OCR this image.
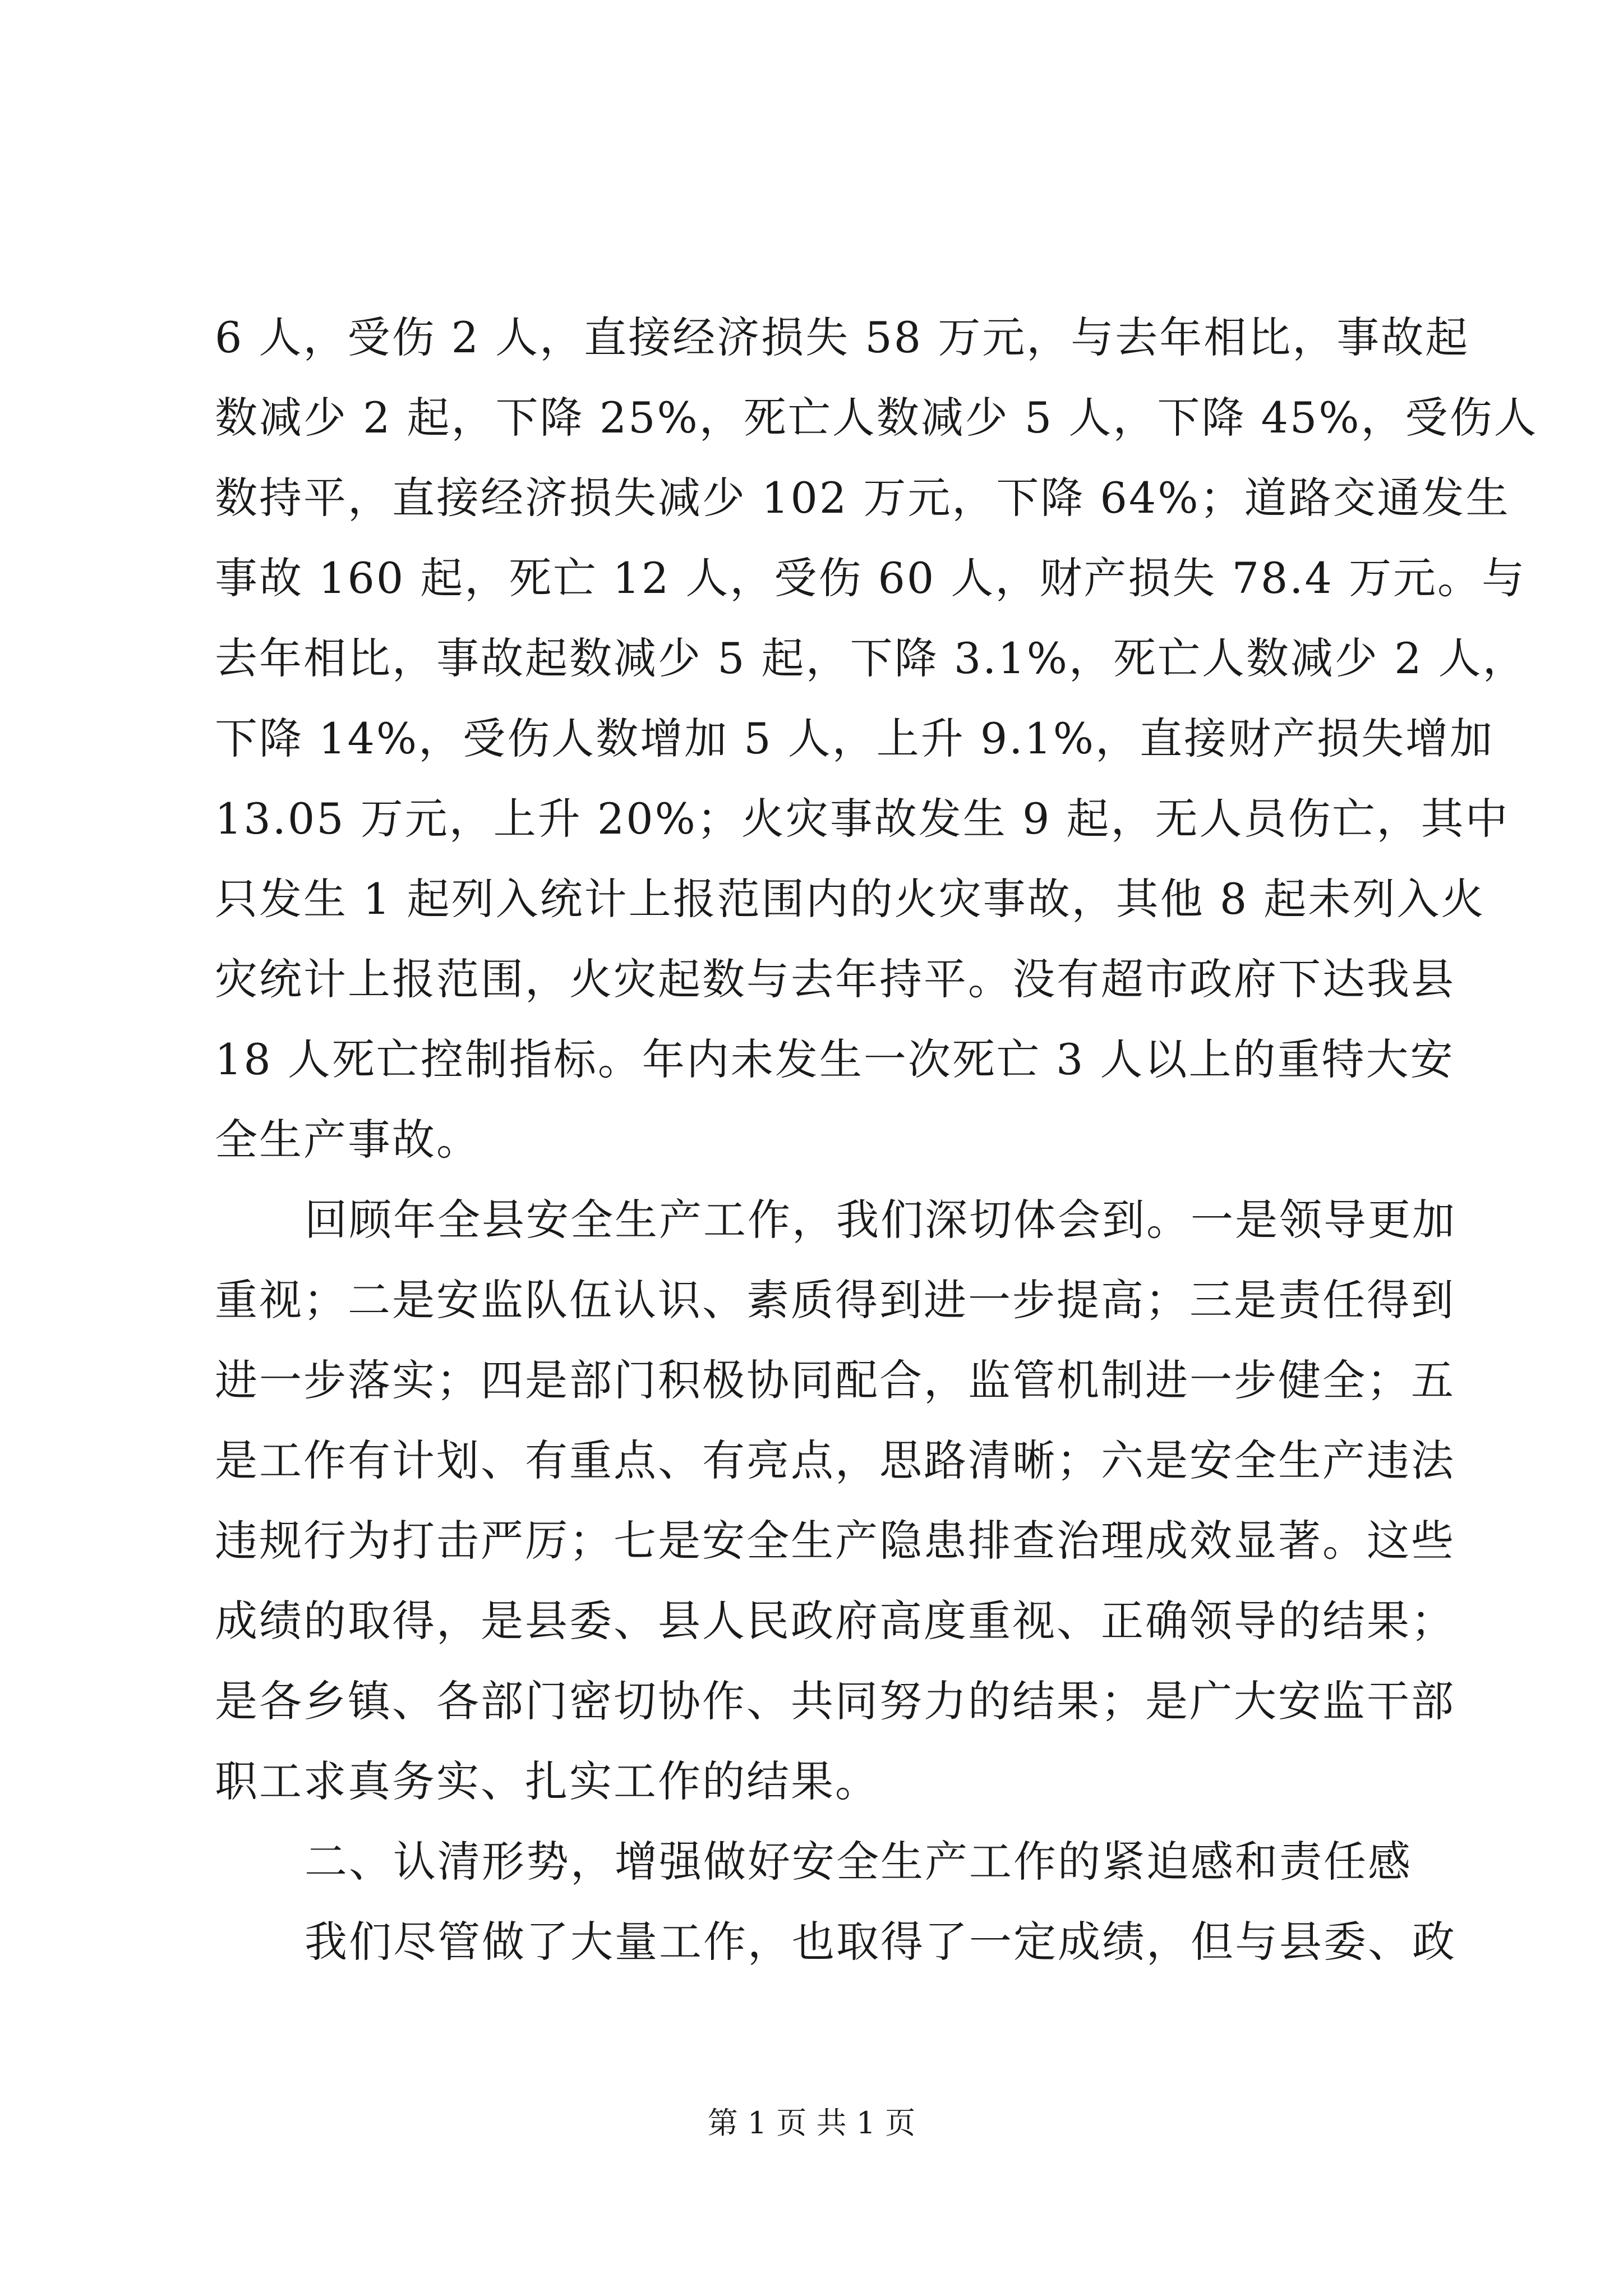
6 人，受伤 2 人，直接经济损失 58 万元，与去年相比，事故起
数减少 2 起，下降 25%，死亡人数减少 5 人，下降 45%，受伤人
数持平，直接经济损失减少 102 万元，下降 64%；道路交通发生
事故 160 起，死亡 12 人，受伤 60 人，财产损失 78.4 万元。与
去年相比，事故起数减少 5 起，下降 3.1%，死亡人数减少 2 人，
下降 14%，受伤人数增加 5 人，上升 9.1%，直接财产损失增加
13.05 万元，上升 20%；火灾事故发生 9 起，无人员伤亡，其中
只发生 1 起列入统计上报范围内的火灾事故，其他 8 起未列入火
灾统计上报范围，火灾起数与去年持平。没有超市政府下达我县
18 人死亡控制指标。年内未发生一次死亡 3 人以上的重特大安
全生产事故。
回顾年全县安全生产工作，我们深切体会到。一是领导更加
重视；二是安监队伍认识、素质得到进一步提高；三是责任得到
进一步落实；四是部门积极协同配合，监管机制进一步健全；五
是工作有计划、有重点、有亮点，思路清晰；六是安全生产违法
违规行为打击严厉；七是安全生产隐患排查治理成效显著。这些
成绩的取得，是县委、县人民政府高度重视、正确领导的结果；
是各乡镇、各部门密切协作、共同努力的结果；是广大安监干部
职工求真务实、扎实工作的结果。
二、认清形势，增强做好安全生产工作的紧迫感和责任感
我们尽管做了大量工作，也取得了一定成绩，但与县委、政
第 1 页 共 1 页
